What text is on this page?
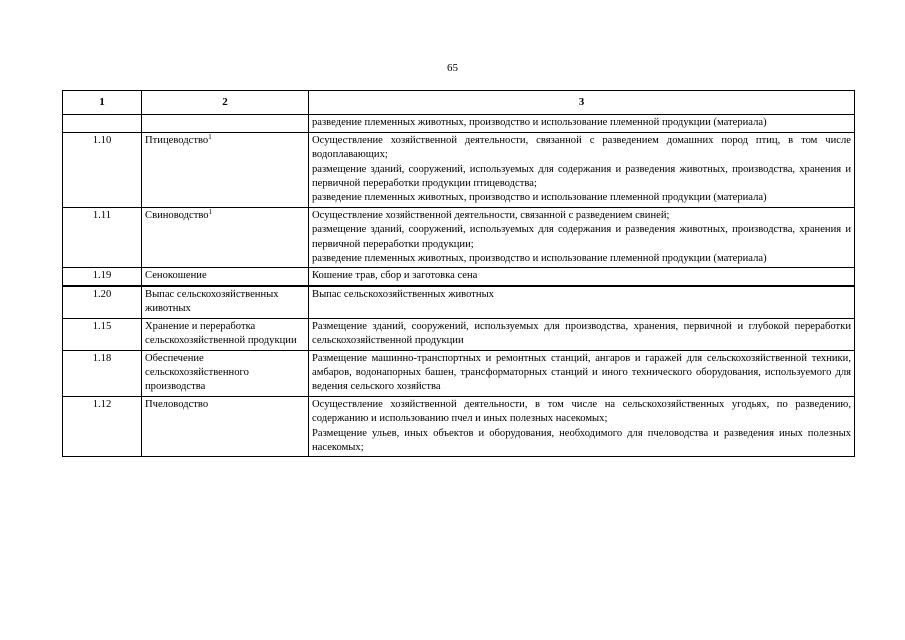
65
1	2	3

		разведение племенных животных, производство и использование племенной продукции (материала)

1.10	Птицеводство$^1$	Осуществление хозяйственной деятельности, связанной с разведением домашних пород птиц, в том числе водоплавающих;
размещение зданий, сооружений, используемых для содержания и разведения животных, производства, хранения и первичной переработки продукции птицеводства;
разведение племенных животных, производство и использование племенной продукции (материала)

1.11	Свиноводство$^1$	Осуществление хозяйственной деятельности, связанной с разведением свиней;
размещение зданий, сооружений, используемых для содержания и разведения животных, производства, хранения и первичной переработки продукции;
разведение племенных животных, производство и использование племенной продукции (материала)

1.19	Сенокошение	Кошение трав, сбор и заготовка сена

1.20	Выпас сельскохозяйственных животных	Выпас сельскохозяйственных животных

1.15	Хранение и переработка сельскохозяйственной продукции	Размещение зданий, сооружений, используемых для производства, хранения, первичной и глубокой переработки сельскохозяйственной продукции

1.18	Обеспечение сельскохозяйственного производства	Размещение машинно-транспортных и ремонтных станций, ангаров и гаражей для сельскохозяйственной техники, амбаров, водонапорных башен, трансформаторных станций и иного технического оборудования, используемого для ведения сельского хозяйства

1.12	Пчеловодство	Осуществление хозяйственной деятельности, в том числе на сельскохозяйственных угодьях, по разведению, содержанию и использованию пчел и иных полезных насекомых;
Размещение ульев, иных объектов и оборудования, необходимого для пчеловодства и разведения иных полезных насекомых;
